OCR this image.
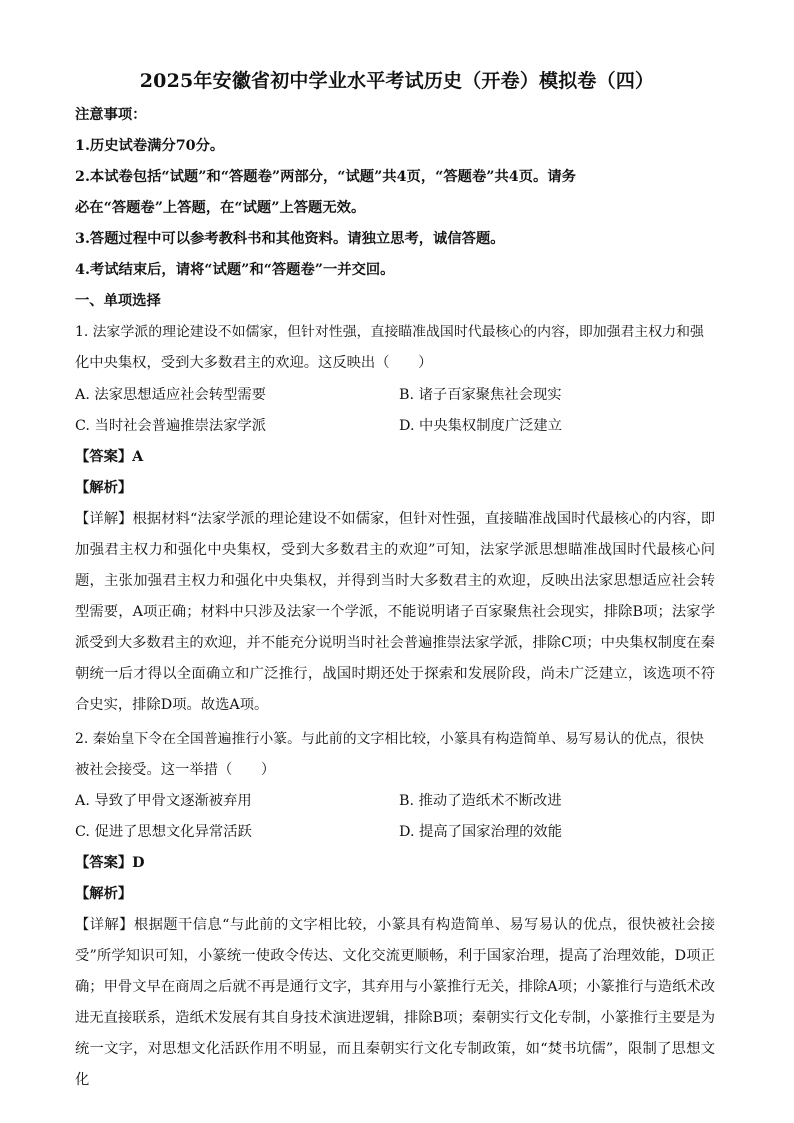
2025年安徽省初中学业水平考试历史（开卷）模拟卷（四）
注意事项：
1.历史试卷满分70分。
2.本试卷包括“试题”和“答题卷”两部分，“试题”共4页，“答题卷”共4页。请务
必在“答题卷”上答题，在“试题”上答题无效。
3.答题过程中可以参考教科书和其他资料。请独立思考，诚信答题。
4.考试结束后，请将“试题”和“答题卷”一并交回。
一、单项选择
1. 法家学派的理论建设不如儒家，但针对性强，直接瞄准战国时代最核心的内容，即加强君主权力和强
化中央集权，受到大多数君主的欢迎。这反映出（　　）
A. 法家思想适应社会转型需要	B. 诸子百家聚焦社会现实
C. 当时社会普遍推崇法家学派	D. 中央集权制度广泛建立
【答案】A
【解析】
【详解】根据材料“法家学派的理论建设不如儒家，但针对性强，直接瞄准战国时代最核心的内容，即加强君主权力和强化中央集权，受到大多数君主的欢迎”可知，法家学派思想瞄准战国时代最核心问题，主张加强君主权力和强化中央集权，并得到当时大多数君主的欢迎，反映出法家思想适应社会转型需要，A项正确；材料中只涉及法家一个学派，不能说明诸子百家聚焦社会现实，排除B项；法家学派受到大多数君主的欢迎，并不能充分说明当时社会普遍推崇法家学派，排除C项；中央集权制度在秦朝统一后才得以全面确立和广泛推行，战国时期还处于探索和发展阶段，尚未广泛建立，该选项不符合史实，排除D项。故选A项。
2. 秦始皇下令在全国普遍推行小篆。与此前的文字相比较，小篆具有构造简单、易写易认的优点，很快
被社会接受。这一举措（　　）
A. 导致了甲骨文逐渐被弃用	B. 推动了造纸术不断改进
C. 促进了思想文化异常活跃	D. 提高了国家治理的效能
【答案】D
【解析】
【详解】根据题干信息“与此前的文字相比较，小篆具有构造简单、易写易认的优点，很快被社会接受”所学知识可知，小篆统一使政令传达、文化交流更顺畅，利于国家治理，提高了治理效能，D项正确；甲骨文早在商周之后就不再是通行文字，其弃用与小篆推行无关，排除A项；小篆推行与造纸术改进无直接联系，造纸术发展有其自身技术演进逻辑，排除B项；秦朝实行文化专制，小篆推行主要是为统一文字，对思想文化活跃作用不明显，而且秦朝实行文化专制政策，如“焚书坑儒”，限制了思想文化
